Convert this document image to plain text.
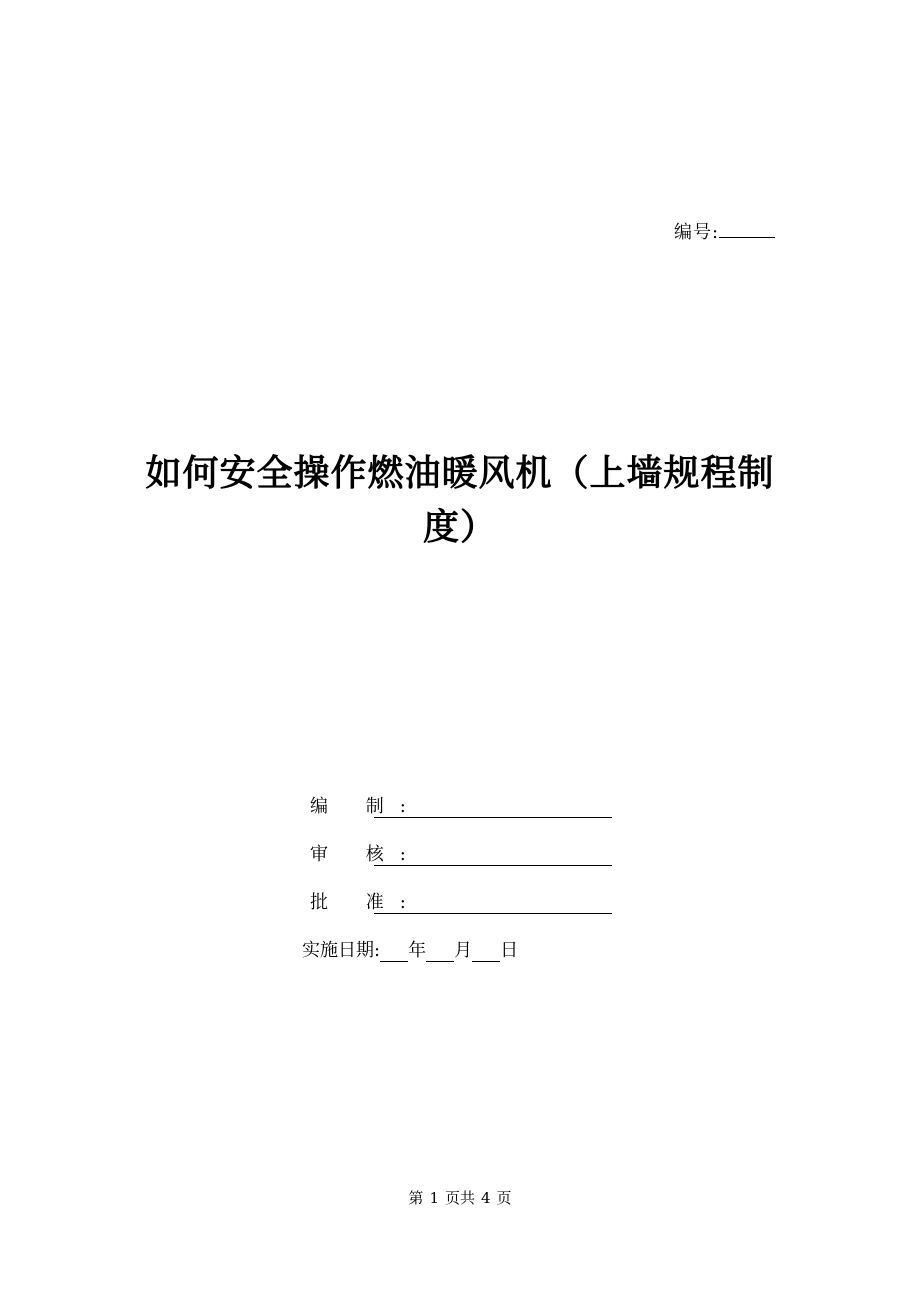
编号:
如何安全操作燃油暖风机（上墙规程制
度）
编 制:
审 核:
批 准:
实施日期: 年 月 日
第 1 页共 4 页
